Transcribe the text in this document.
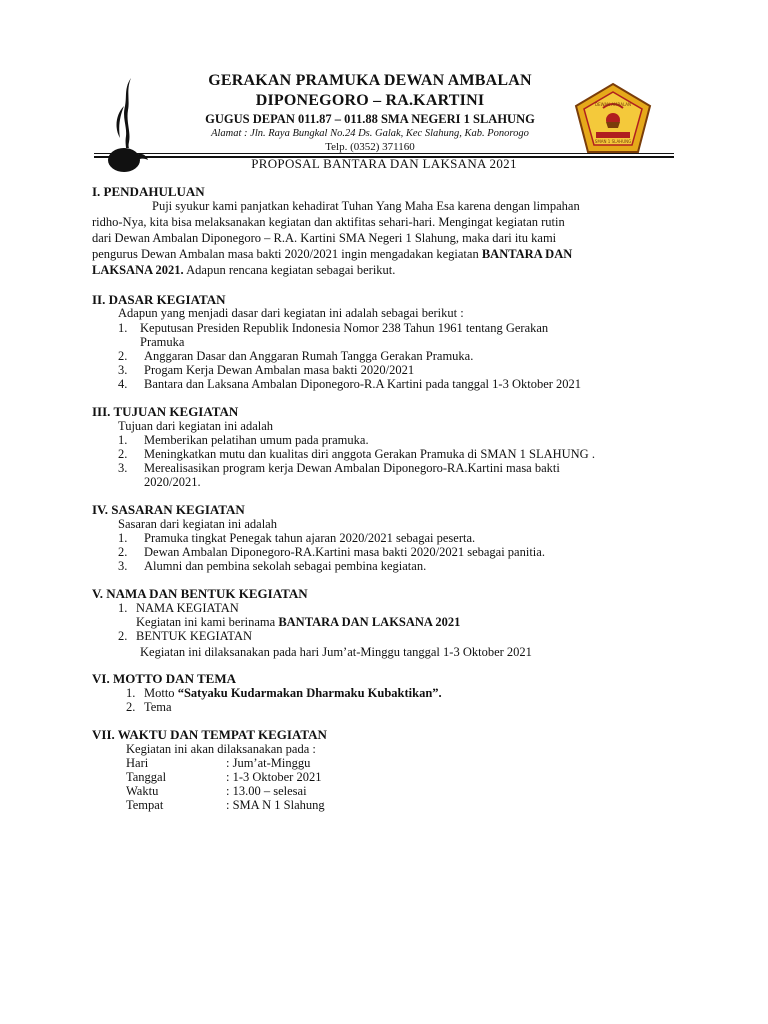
GERAKAN PRAMUKA DEWAN AMBALAN
DIPONEGORO – RA.KARTINI
GUGUS DEPAN 011.87 – 011.88 SMA NEGERI 1 SLAHUNG
Alamat : Jln. Raya Bungkal No.24 Ds. Galak, Kec Slahung, Kab. Ponorogo
Telp. (0352) 371160
DEWAN AMBALAN
SMAN 1 SLAHUNG
PROPOSAL BANTARA DAN LAKSANA 2021
I. PENDAHULUAN
Puji syukur kami panjatkan kehadirat Tuhan Yang Maha Esa karena dengan limpahan
ridho-Nya, kita bisa melaksanakan kegiatan dan aktifitas sehari-hari. Mengingat kegiatan rutin
dari Dewan Ambalan Diponegoro – R.A. Kartini SMA Negeri 1 Slahung, maka dari itu kami
pengurus Dewan Ambalan masa bakti 2020/2021 ingin mengadakan kegiatan BANTARA DAN
LAKSANA 2021. Adapun rencana kegiatan sebagai berikut.
II. DASAR KEGIATAN
Adapun yang menjadi dasar dari kegiatan ini adalah sebagai berikut :
1. Keputusan Presiden Republik Indonesia Nomor 238 Tahun 1961 tentang Gerakan
Pramuka
2. Anggaran Dasar dan Anggaran Rumah Tangga Gerakan Pramuka.
3. Progam Kerja Dewan Ambalan masa bakti 2020/2021
4. Bantara dan Laksana Ambalan Diponegoro-R.A Kartini pada tanggal 1-3 Oktober 2021
III. TUJUAN KEGIATAN
Tujuan dari kegiatan ini adalah
1. Memberikan pelatihan umum pada pramuka.
2. Meningkatkan mutu dan kualitas diri anggota Gerakan Pramuka di SMAN 1 SLAHUNG .
3. Merealisasikan program kerja Dewan Ambalan Diponegoro-RA.Kartini masa bakti
2020/2021.
IV. SASARAN KEGIATAN
Sasaran dari kegiatan ini adalah
1. Pramuka tingkat Penegak tahun ajaran 2020/2021 sebagai peserta.
2. Dewan Ambalan Diponegoro-RA.Kartini masa bakti 2020/2021 sebagai panitia.
3. Alumni dan pembina sekolah sebagai pembina kegiatan.
V. NAMA DAN BENTUK KEGIATAN
1. NAMA KEGIATAN
Kegiatan ini kami berinama BANTARA DAN LAKSANA 2021
2. BENTUK KEGIATAN
Kegiatan ini dilaksanakan pada hari Jum’at-Minggu tanggal 1-3 Oktober 2021
VI. MOTTO DAN TEMA
1. Motto “Satyaku Kudarmakan Dharmaku Kubaktikan”.
2. Tema
VII. WAKTU DAN TEMPAT KEGIATAN
Kegiatan ini akan dilaksanakan pada :
Hari	: Jum’at-Minggu
Tanggal	: 1-3 Oktober 2021
Waktu	: 13.00 – selesai
Tempat	: SMA N 1 Slahung
